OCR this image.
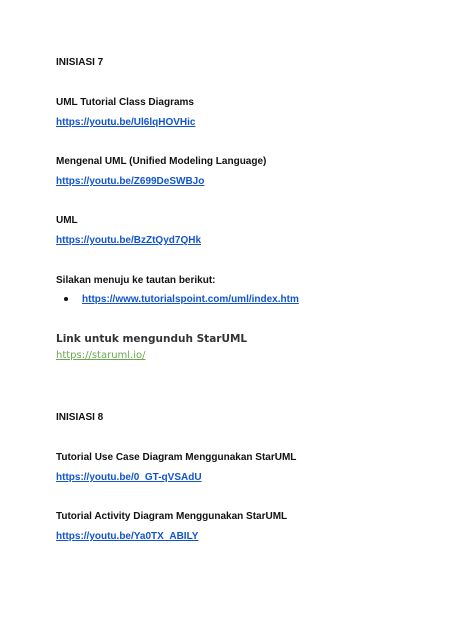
INISIASI 7
UML Tutorial Class Diagrams
https://youtu.be/Ul6lqHOVHic
Mengenal UML (Unified Modeling Language)
https://youtu.be/Z699DeSWBJo
UML
https://youtu.be/BzZtQyd7QHk
Silakan menuju ke tautan berikut:
https://www.tutorialspoint.com/uml/index.htm
Link untuk mengunduh StarUML
https://staruml.io/
INISIASI 8
Tutorial Use Case Diagram Menggunakan StarUML
https://youtu.be/0_GT-qVSAdU
Tutorial Activity Diagram Menggunakan StarUML
https://youtu.be/Ya0TX_ABILY
